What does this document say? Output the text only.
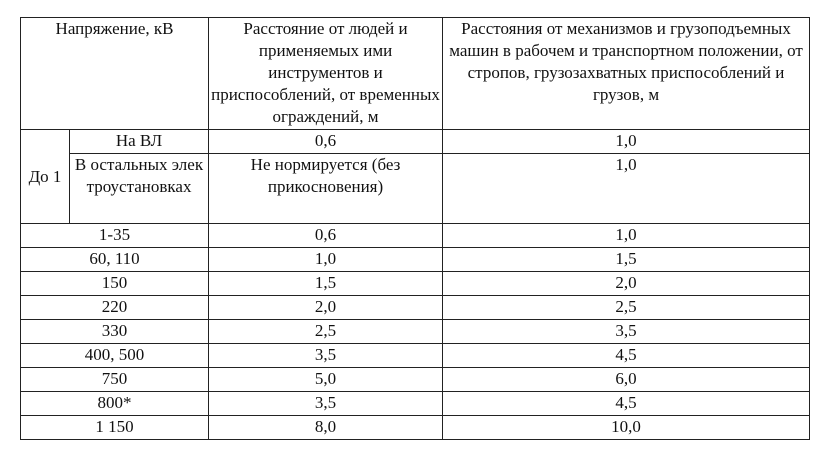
Напряжение, кВ		Расстояние от людей и применяемых ими инструментов и приспособлений, от временных ограждений, м	Расстояния от механизмов и грузоподъемных машин в рабочем и транспортном положении, от стропов, грузозахватных приспособлений и грузов, м
До 1	На ВЛ	0,6	1,0
	В остальных электроустановках	Не нормируется (без прикосновения)	1,0
1-35		0,6	1,0
60, 110		1,0	1,5
150		1,5	2,0
220		2,0	2,5
330		2,5	3,5
400, 500		3,5	4,5
750		5,0	6,0
800*		3,5	4,5
1 150		8,0	10,0
